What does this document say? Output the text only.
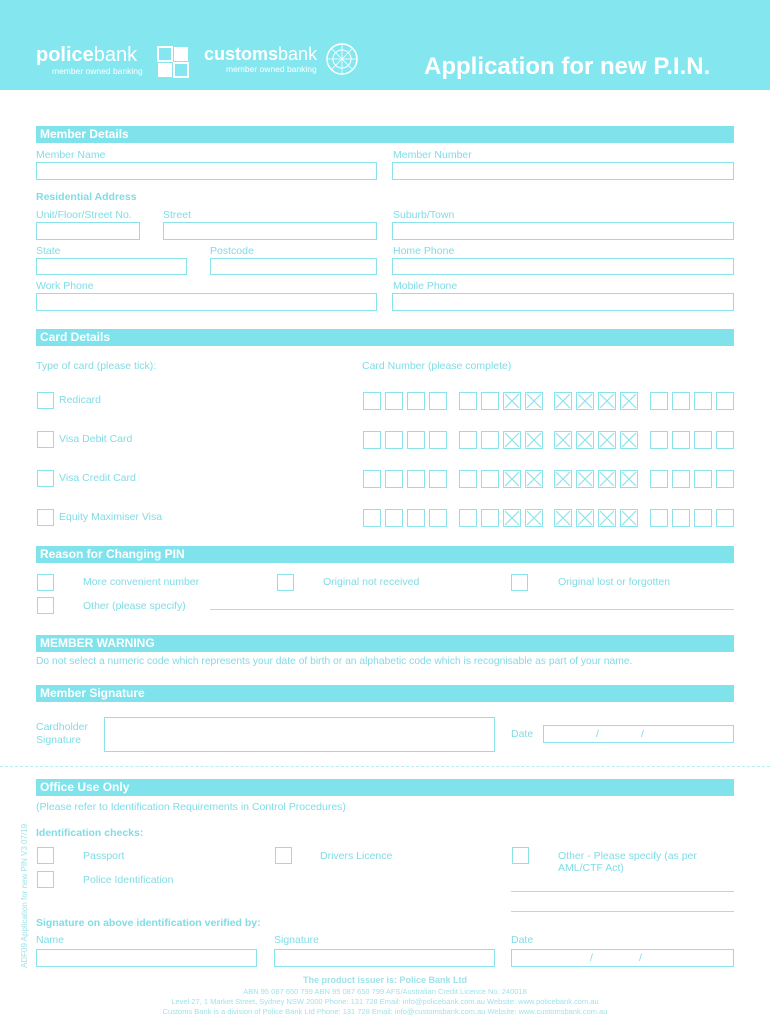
policebank
member owned banking
customsbank
member owned banking	Application for new P.I.N.
Member Details
Member Name	Member Number
Residential Address
Unit/Floor/Street No.	Street	Suburb/Town
State	Postcode	Home Phone
Work Phone	Mobile Phone
Card Details
Type of card (please tick):	Card Number (please complete)
Redicard
Visa Debit Card
Visa Credit Card
Equity Maximiser Visa
Reason for Changing PIN
More convenient number	Original not received	Original lost or forgotten
Other (please specify)
MEMBER WARNING
Do not select a numeric code which represents your date of birth or an alphabetic code which is recognisable as part of your name.
Member Signature
Cardholder
Signature	Date	/	/
Office Use Only
(Please refer to Identification Requirements in Control Procedures)
Identification checks:
Passport	Drivers Licence	Other - Please specify (as per
AML/CTF Act)
Police Identification
Signature on above identification verified by:
Name	Signature	Date
/	/
ADF09 Application for new PIN V3 07/19
The product issuer is: Police Bank Ltd
ABN 95 087 650 799 ABN 95 087 650 799 AFS/Australian Credit Licence No. 240018
Level 27, 1 Market Street, Sydney NSW 2000 Phone: 131 728 Email: info@policebank.com.au Website: www.policebank.com.au
Customs Bank is a division of Police Bank Ltd Phone: 131 728 Email: info@customsbank.com.au Website: www.customsbank.com.au
